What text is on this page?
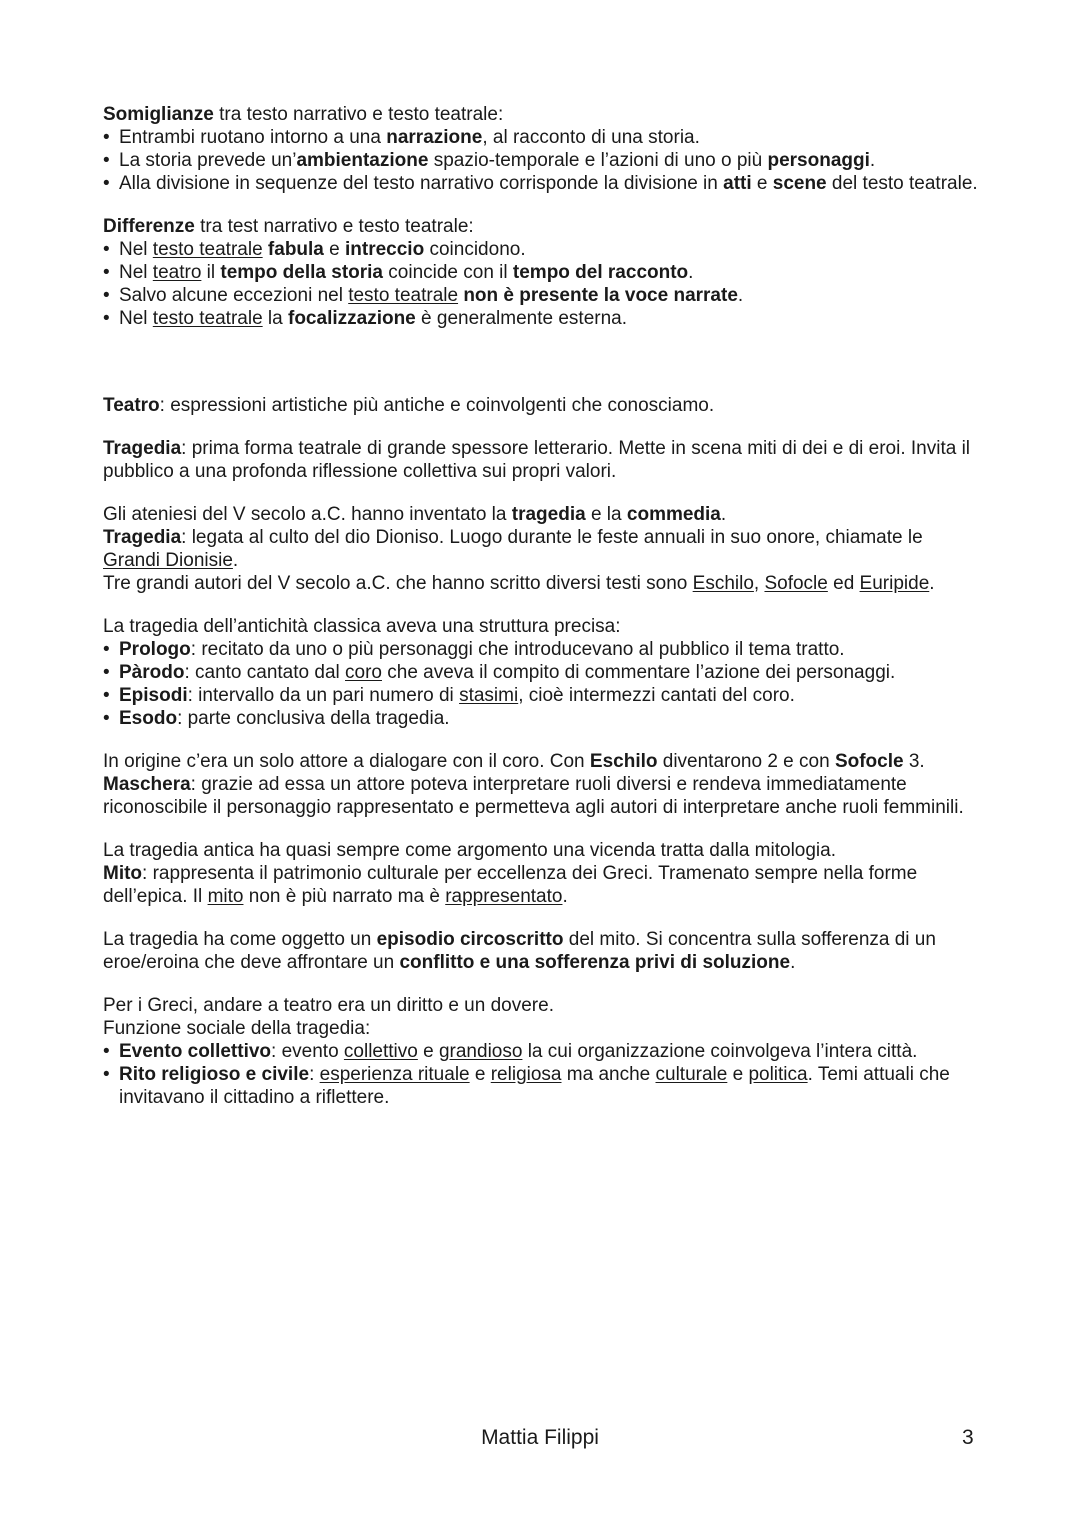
Somiglianze tra testo narrativo e testo teatrale:

• Entrambi ruotano intorno a una narrazione, al racconto di una storia.
• La storia prevede un’ambientazione spazio-temporale e l’azioni di uno o più personaggi.
• Alla divisione in sequenze del testo narrativo corrisponde la divisione in atti e scene del testo teatrale.

Differenze tra test narrativo e testo teatrale:

• Nel testo teatrale fabula e intreccio coincidono.
• Nel teatro il tempo della storia coincide con il tempo del racconto.
• Salvo alcune eccezioni nel testo teatrale non è presente la voce narrate.
• Nel testo teatrale la focalizzazione è generalmente esterna.

Teatro: espressioni artistiche più antiche e coinvolgenti che conosciamo.

Tragedia: prima forma teatrale di grande spessore letterario. Mette in scena miti di dei e di eroi. Invita il pubblico a una profonda riflessione collettiva sui propri valori.

Gli ateniesi del V secolo a.C. hanno inventato la tragedia e la commedia.

Tragedia: legata al culto del dio Dioniso. Luogo durante le feste annuali in suo onore, chiamate le Grandi Dionisie.

Tre grandi autori del V secolo a.C. che hanno scritto diversi testi sono Eschilo, Sofocle ed Euripide.

La tragedia dell’antichità classica aveva una struttura precisa:

• Prologo: recitato da uno o più personaggi che introducevano al pubblico il tema tratto.
• Pàrodo: canto cantato dal coro che aveva il compito di commentare l’azione dei personaggi.
• Episodi: intervallo da un pari numero di stasimi, cioè intermezzi cantati del coro.
• Esodo: parte conclusiva della tragedia.

In origine c’era un solo attore a dialogare con il coro. Con Eschilo diventarono 2 e con Sofocle 3.

Maschera: grazie ad essa un attore poteva interpretare ruoli diversi e rendeva immediatamente riconoscibile il personaggio rappresentato e permetteva agli autori di interpretare anche ruoli femminili.

La tragedia antica ha quasi sempre come argomento una vicenda tratta dalla mitologia.

Mito: rappresenta il patrimonio culturale per eccellenza dei Greci. Tramenato sempre nella forme dell’epica. Il mito non è più narrato ma è rappresentato.

La tragedia ha come oggetto un episodio circoscritto del mito. Si concentra sulla sofferenza di un eroe/eroina che deve affrontare un conflitto e una sofferenza privi di soluzione.

Per i Greci, andare a teatro era un diritto e un dovere.

Funzione sociale della tragedia:

• Evento collettivo: evento collettivo e grandioso la cui organizzazione coinvolgeva l’intera città.
• Rito religioso e civile: esperienza rituale e religiosa ma anche culturale e politica. Temi attuali che invitavano il cittadino a riflettere.
Mattia Filippi	3
